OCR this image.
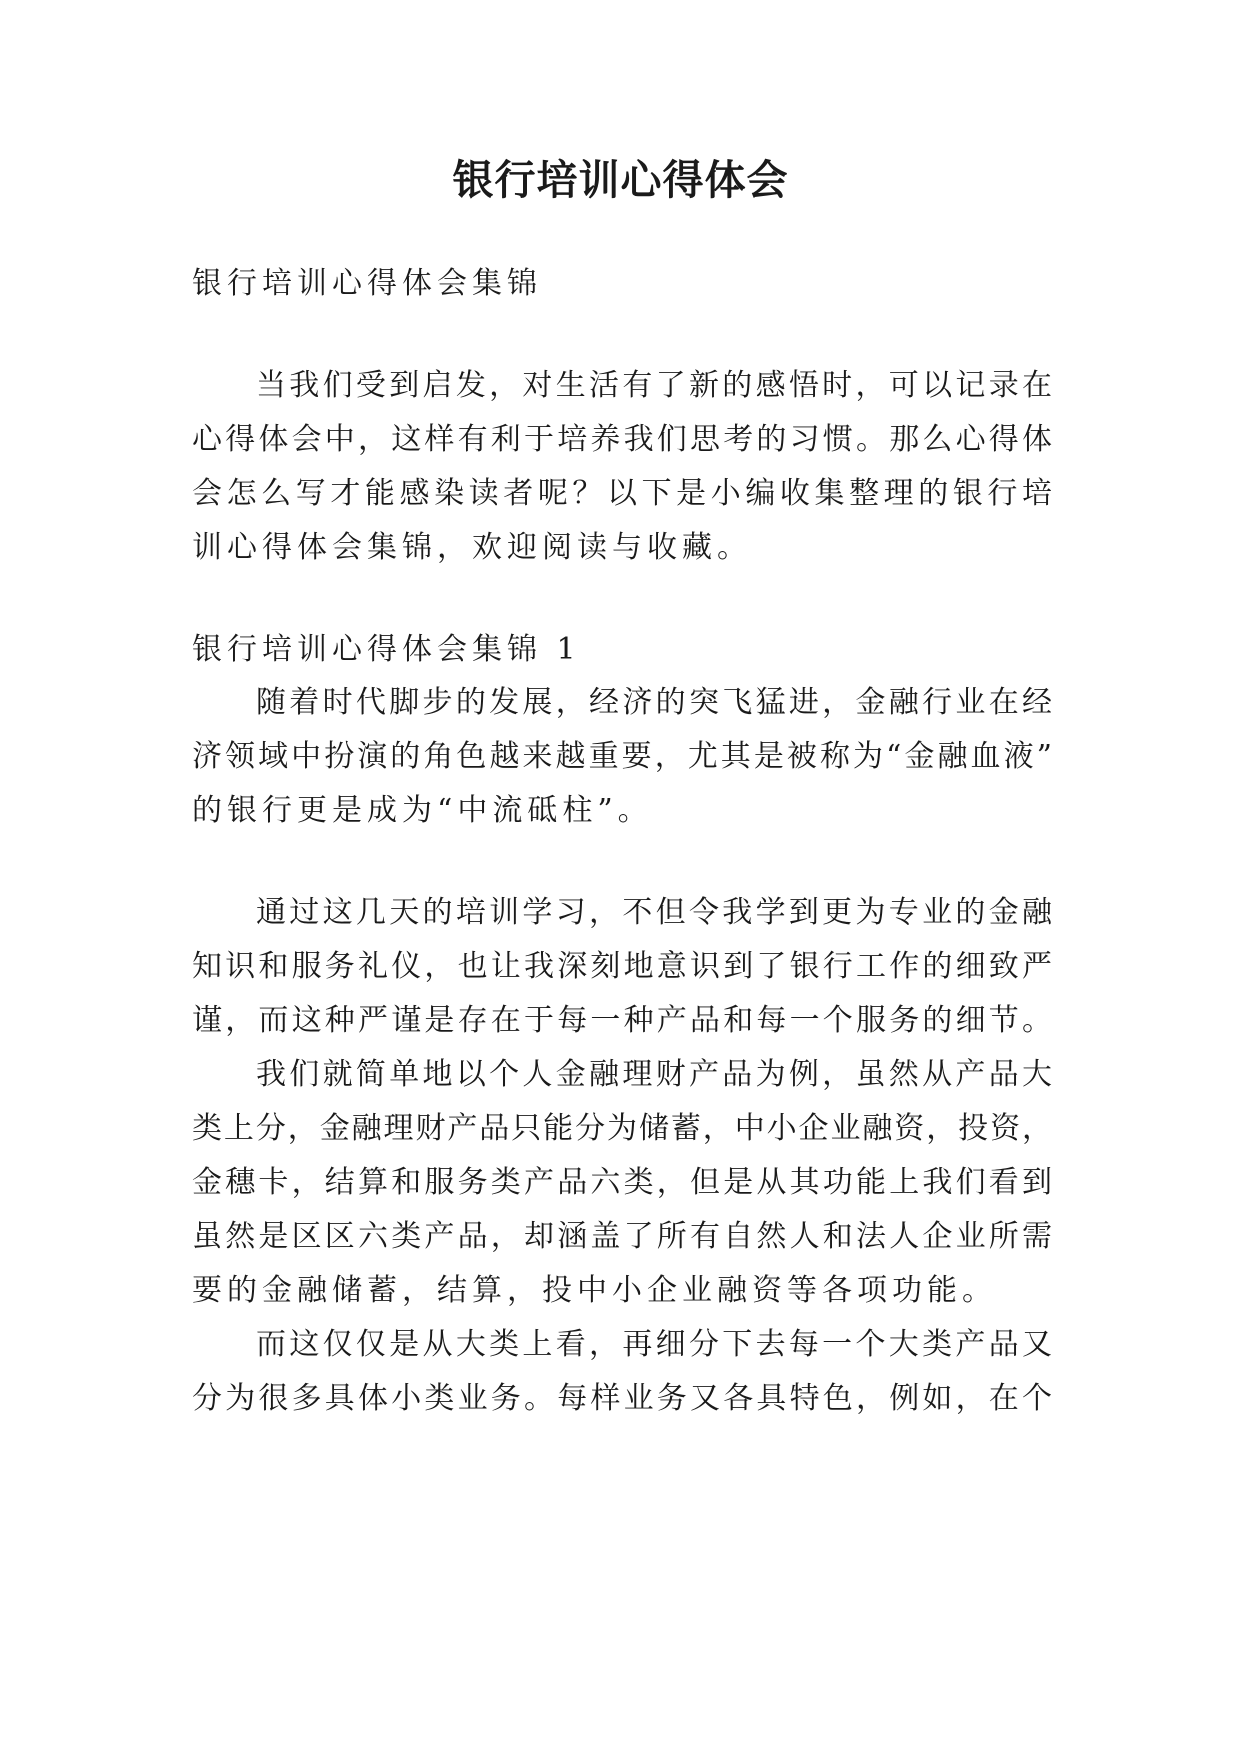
银行培训心得体会
银行培训心得体会集锦
当我们受到启发，对生活有了新的感悟时，可以记录在
心得体会中，这样有利于培养我们思考的习惯。那么心得体
会怎么写才能感染读者呢？以下是小编收集整理的银行培
训心得体会集锦，欢迎阅读与收藏。
银行培训心得体会集锦 1
随着时代脚步的发展，经济的突飞猛进，金融行业在经
济领域中扮演的角色越来越重要，尤其是被称为“金融血液”
的银行更是成为“中流砥柱”。
通过这几天的培训学习，不但令我学到更为专业的金融
知识和服务礼仪，也让我深刻地意识到了银行工作的细致严
谨，而这种严谨是存在于每一种产品和每一个服务的细节。
我们就简单地以个人金融理财产品为例，虽然从产品大
类上分，金融理财产品只能分为储蓄，中小企业融资，投资，
金穗卡，结算和服务类产品六类，但是从其功能上我们看到
虽然是区区六类产品，却涵盖了所有自然人和法人企业所需
要的金融储蓄，结算，投中小企业融资等各项功能。
而这仅仅是从大类上看，再细分下去每一个大类产品又
分为很多具体小类业务。每样业务又各具特色，例如，在个
